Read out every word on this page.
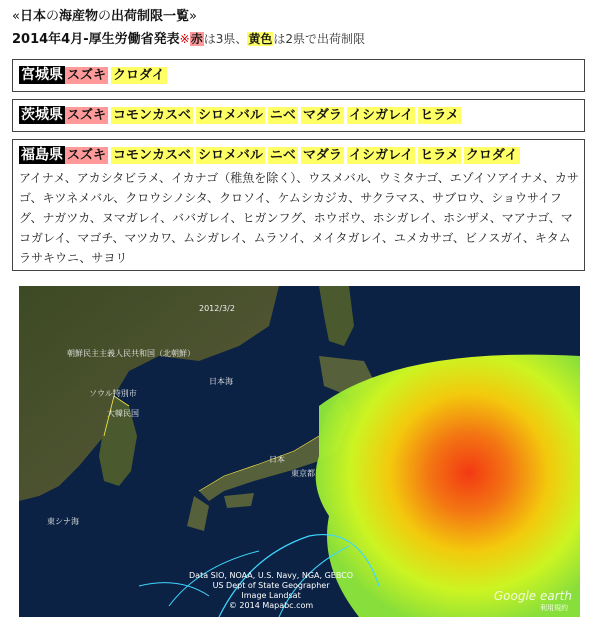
«日本の海産物の出荷制限一覧»
2014年4月-厚生労働省発表※赤は3県、黄色は2県で出荷制限
宮城県 スズキ クロダイ
茨城県 スズキ コモンカスベ シロメバル ニベ マダラ イシガレイ ヒラメ
福島県 スズキ コモンカスベ シロメバル ニベ マダラ イシガレイ ヒラメ クロダイ
アイナメ、アカシタビラメ、イカナゴ（稚魚を除く）、ウスメバル、ウミタナゴ、エゾイソアイナメ、カサゴ、キツネメバル、クロウシノシタ、クロソイ、ケムシカジカ、サクラマス、サブロウ、ショウサイフグ、ナガツカ、ヌマガレイ、ババガレイ、ヒガンフグ、ホウボウ、ホシガレイ、ホシザメ、マアナゴ、マコガレイ、マゴチ、マツカワ、ムシガレイ、ムラソイ、メイタガレイ、ユメカサゴ、ビノスガイ、キタムラサキウニ、サヨリ
2012/3/2
朝鮮民主主義人民共和国（北朝鮮）
ソウル特別市
大韓民国
日本海
日本
東京都
東シナ海
Data SIO, NOAA, U.S. Navy, NGA, GEBCO
US Dept of State Geographer
Image Landsat
© 2014 Mapabc.com
Google earth
利用規約
